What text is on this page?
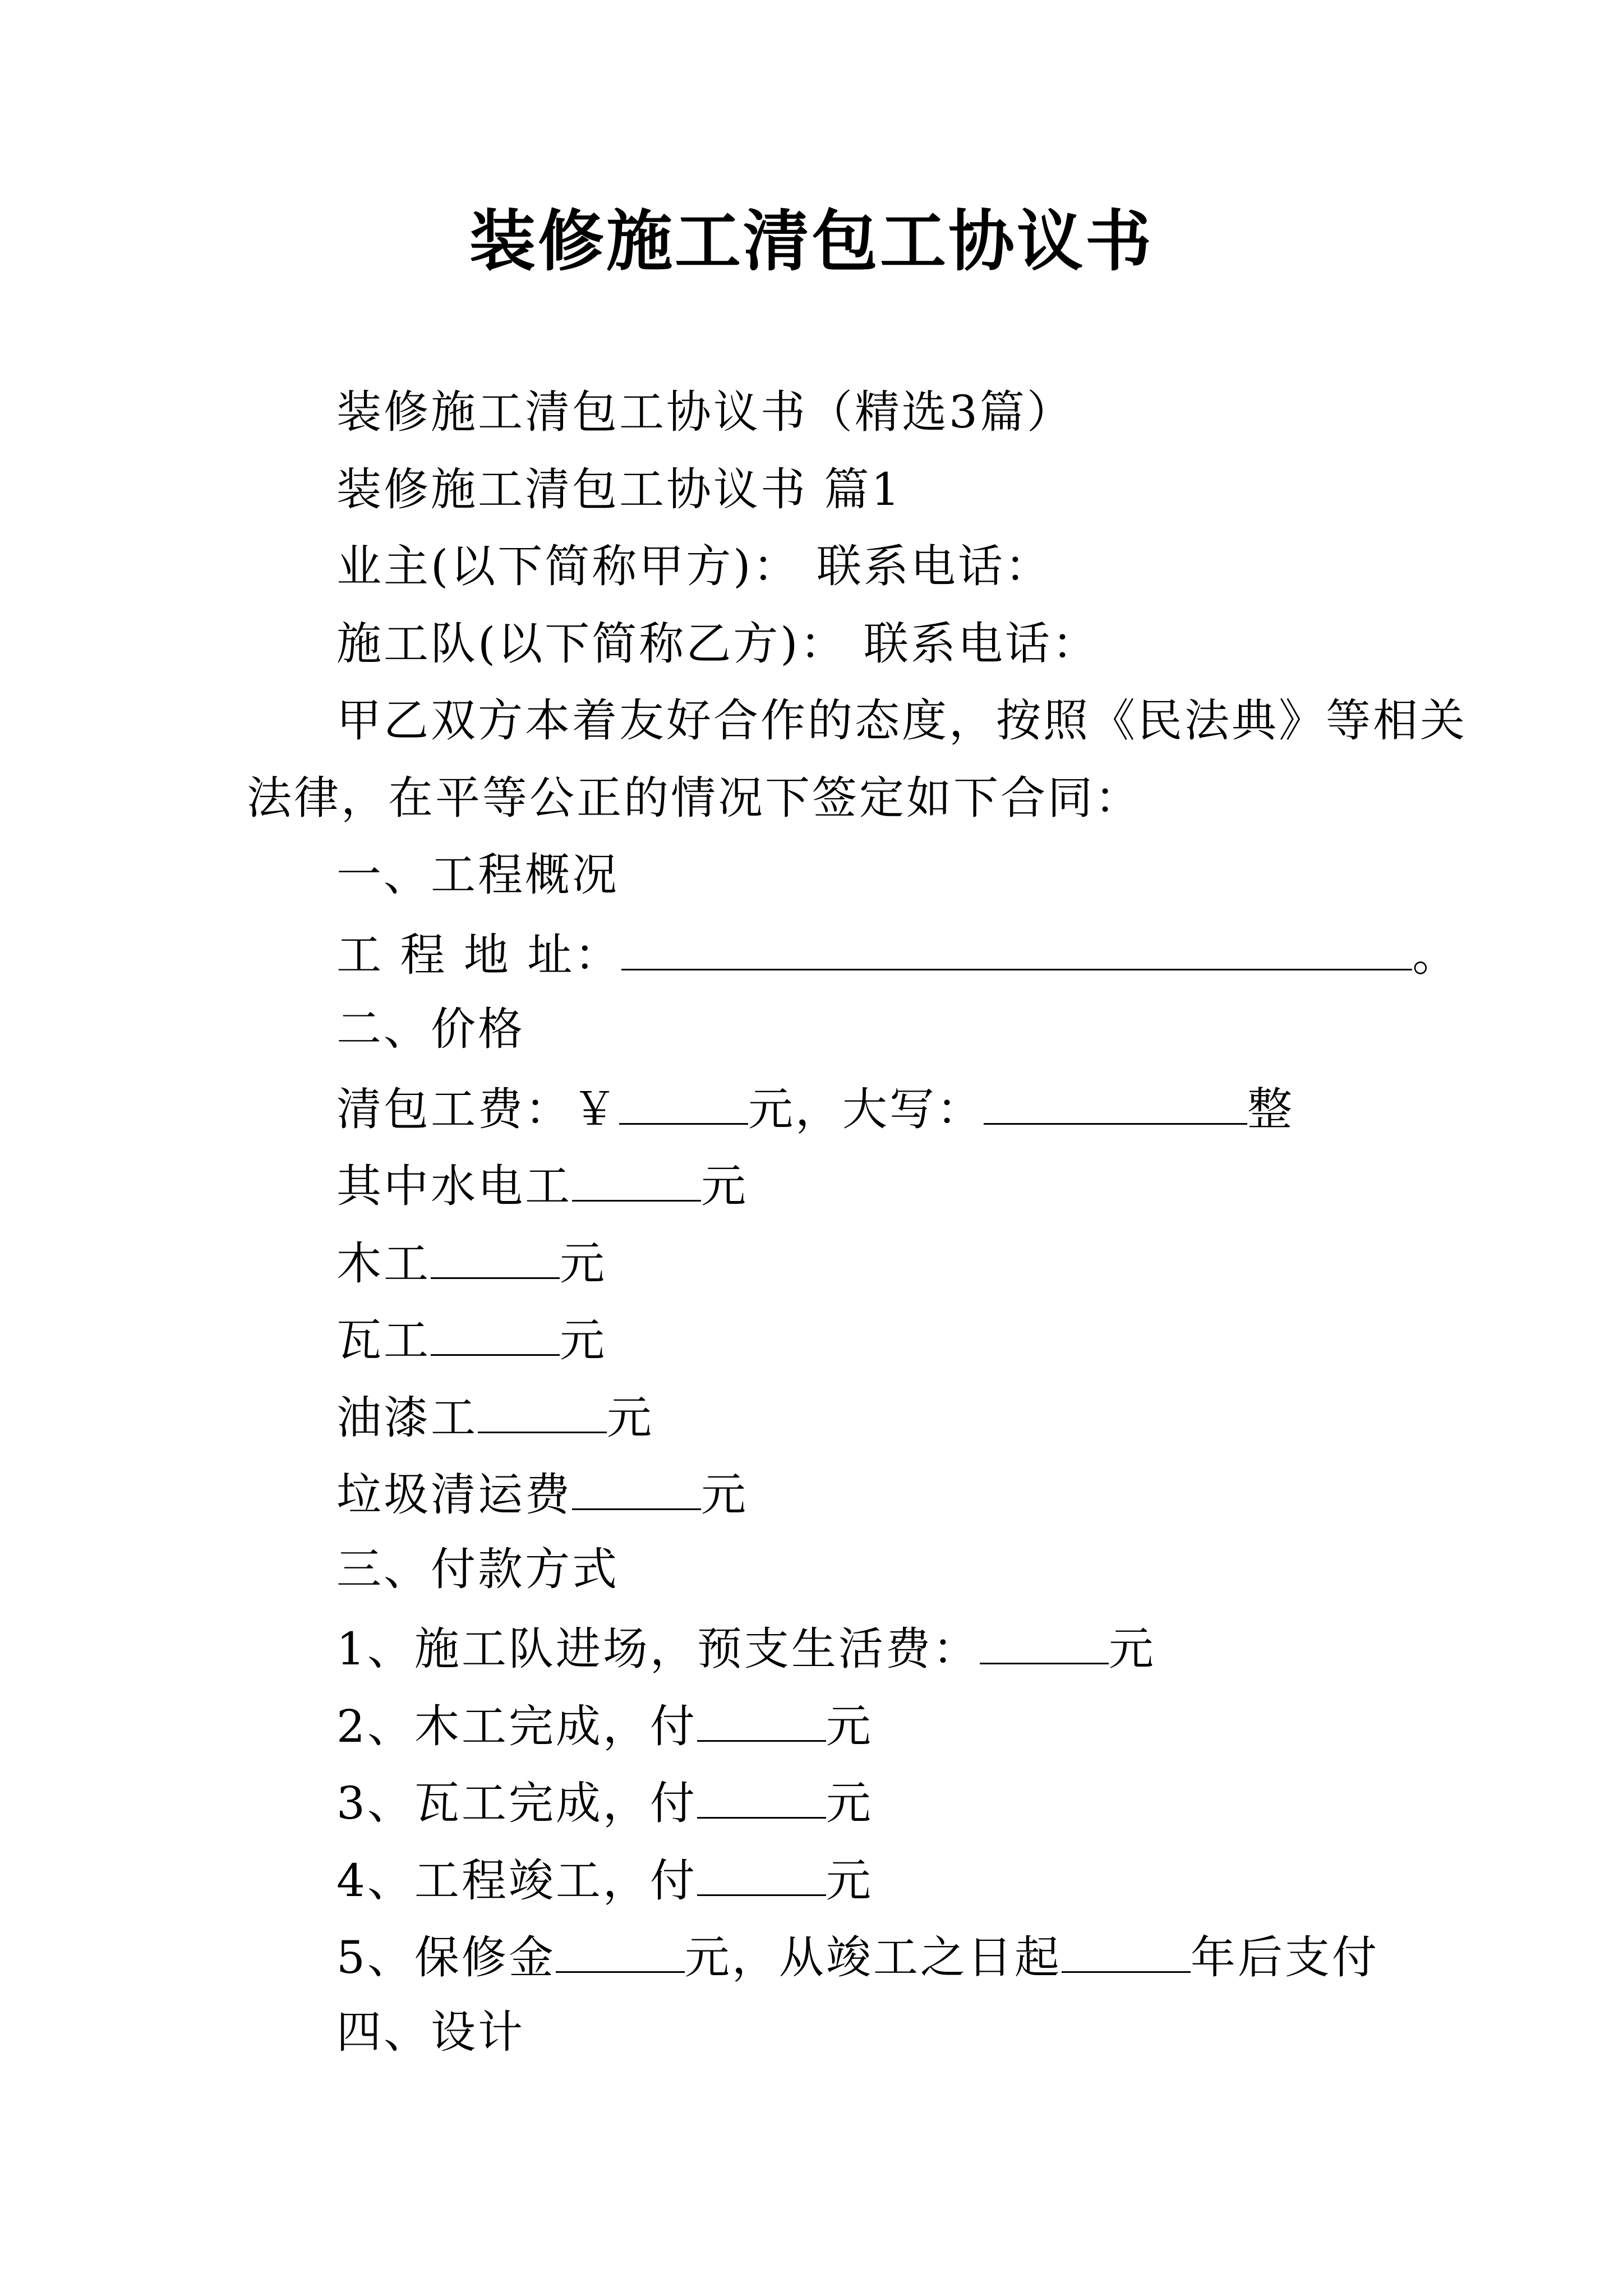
装修施工清包工协议书
装修施工清包工协议书（精选3篇）
装修施工清包工协议书 篇1
业主(以下简称甲方)： 联系电话：
施工队(以下简称乙方)： 联系电话：
甲乙双方本着友好合作的态度，按照《民法典》等相关
法律，在平等公正的情况下签定如下合同：
一、工程概况
工 程 地 址：	。
二、价格
清包工费：￥	元，大写：	整
其中水电工	元
木工	元
瓦工	元
油漆工	元
垃圾清运费	元
三、付款方式
1、施工队进场，预支生活费：	元
2、木工完成，付	元
3、瓦工完成，付	元
4、工程竣工，付	元
5、保修金	元，从竣工之日起	年后支付
四、设计
